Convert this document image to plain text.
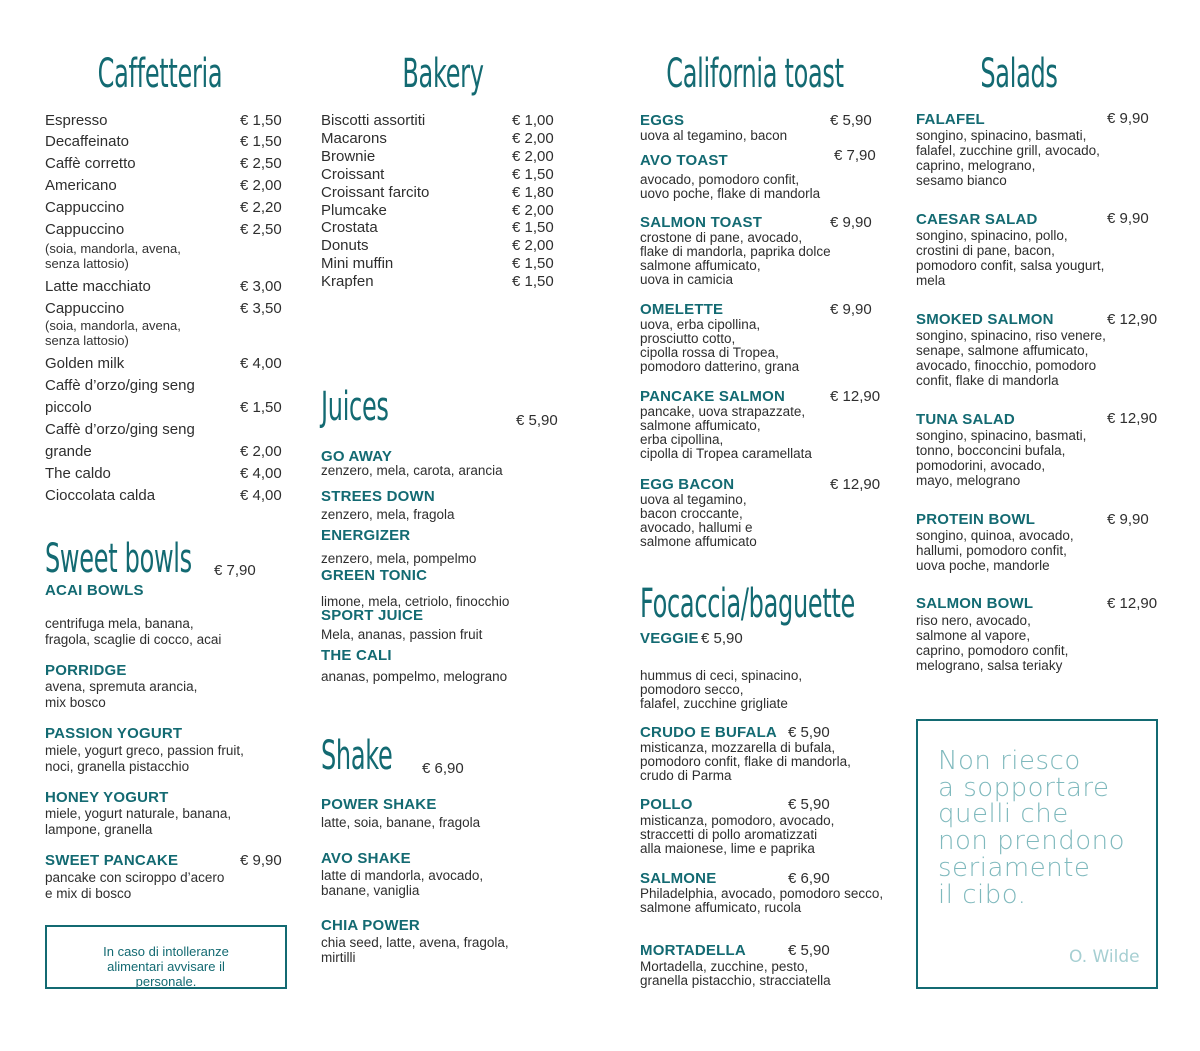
Caffetteria
Espresso	€ 1,50
Decaffeinato	€ 1,50
Caffè corretto	€ 2,50
Americano	€ 2,00
Cappuccino	€ 2,20
Cappuccino	€ 2,50
(soia, mandorla, avena,
senza lattosio)
Latte macchiato	€ 3,00
Cappuccino	€ 3,50
(soia, mandorla, avena,
senza lattosio)
Golden milk	€ 4,00
Caffè d’orzo/ging seng
piccolo	€ 1,50
Caffè d’orzo/ging seng
grande	€ 2,00
The caldo	€ 4,00
Cioccolata calda	€ 4,00
Bakery
Biscotti assortiti	€ 1,00
Macarons	€ 2,00
Brownie	€ 2,00
Croissant	€ 1,50
Croissant farcito	€ 1,80
Plumcake	€ 2,00
Crostata	€ 1,50
Donuts	€ 2,00
Mini muffin	€ 1,50
Krapfen	€ 1,50
Juices	€ 5,90
GO AWAY
zenzero, mela, carota, arancia
STREES DOWN
zenzero, mela, fragola
ENERGIZER
zenzero, mela, pompelmo
GREEN TONIC
limone, mela, cetriolo, finocchio
SPORT JUICE
Mela, ananas, passion fruit
THE CALI
ananas, pompelmo, melograno
Shake € 6,90
POWER SHAKE
latte, soia, banane, fragola
AVO SHAKE
latte di mandorla, avocado,
banane, vaniglia
CHIA POWER
chia seed, latte, avena, fragola,
mirtilli
Sweet bowls € 7,90
ACAI BOWLS
centrifuga mela, banana,
fragola, scaglie di cocco, acai
PORRIDGE
avena, spremuta arancia,
mix bosco
PASSION YOGURT
miele, yogurt greco, passion fruit,
noci, granella pistacchio
HONEY YOGURT
miele, yogurt naturale, banana,
lampone, granella
SWEET PANCAKE	€ 9,90
pancake con sciroppo d’acero
e mix di bosco
In caso di intolleranze alimentari avvisare il personale.
California toast
EGGS	€ 5,90
uova al tegamino, bacon
AVO TOAST	€ 7,90
avocado, pomodoro confit,
uovo poche, flake di mandorla
SALMON TOAST	€ 9,90
crostone di pane, avocado,
flake di mandorla, paprika dolce
salmone affumicato,
uova in camicia
OMELETTE	€ 9,90
uova, erba cipollina,
prosciutto cotto,
cipolla rossa di Tropea,
pomodoro datterino, grana
PANCAKE SALMON	€ 12,90
pancake, uova strapazzate,
salmone affumicato,
erba cipollina,
cipolla di Tropea caramellata
EGG BACON	€ 12,90
uova al tegamino,
bacon croccante,
avocado, hallumi e
salmone affumicato
Focaccia/baguette
VEGGIE € 5,90
hummus di ceci, spinacino,
pomodoro secco,
falafel, zucchine grigliate
CRUDO E BUFALA € 5,90
misticanza, mozzarella di bufala,
pomodoro confit, flake di mandorla,
crudo di Parma
POLLO	€ 5,90
misticanza, pomodoro, avocado,
straccetti di pollo aromatizzati
alla maionese, lime e paprika
SALMONE	€ 6,90
Philadelphia, avocado, pomodoro secco,
salmone affumicato, rucola
MORTADELLA	€ 5,90
Mortadella, zucchine, pesto,
granella pistacchio, stracciatella
Salads
FALAFEL	€ 9,90
songino, spinacino, basmati,
falafel, zucchine grill, avocado,
caprino, melograno,
sesamo bianco
CAESAR SALAD	€ 9,90
songino, spinacino, pollo,
crostini di pane, bacon,
pomodoro confit, salsa yougurt,
mela
SMOKED SALMON	€ 12,90
songino, spinacino, riso venere,
senape, salmone affumicato,
avocado, finocchio, pomodoro
confit, flake di mandorla
TUNA SALAD	€ 12,90
songino, spinacino, basmati,
tonno, bocconcini bufala,
pomodorini, avocado,
mayo, melograno
PROTEIN BOWL	€ 9,90
songino, quinoa, avocado,
hallumi, pomodoro confit,
uova poche, mandorle
SALMON BOWL	€ 12,90
riso nero, avocado,
salmone al vapore,
caprino, pomodoro confit,
melograno, salsa teriaky
Non riesco
a sopportare
quelli che
non prendono
seriamente
il cibo.
O. Wilde
